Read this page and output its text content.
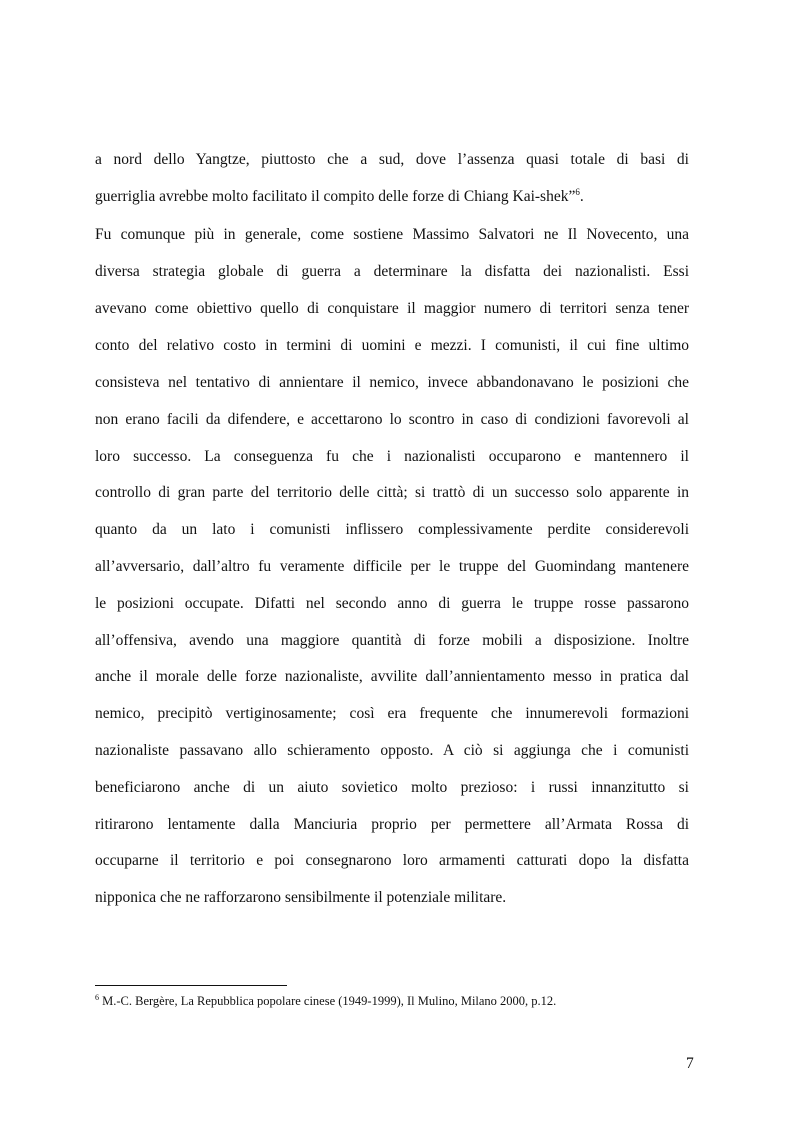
a nord dello Yangtze, piuttosto che a sud, dove l’assenza quasi totale di basi di
guerriglia avrebbe molto facilitato il compito delle forze di Chiang Kai-shek”$^6$.
Fu comunque più in generale, come sostiene Massimo Salvatori ne Il Novecento, una
diversa strategia globale di guerra a determinare la disfatta dei nazionalisti. Essi
avevano come obiettivo quello di conquistare il maggior numero di territori senza tener
conto del relativo costo in termini di uomini e mezzi. I comunisti, il cui fine ultimo
consisteva nel tentativo di annientare il nemico, invece abbandonavano le posizioni che
non erano facili da difendere, e accettarono lo scontro in caso di condizioni favorevoli al
loro successo. La conseguenza fu che i nazionalisti occuparono e mantennero il
controllo di gran parte del territorio delle città; si trattò di un successo solo apparente in
quanto da un lato i comunisti inflissero complessivamente perdite considerevoli
all’avversario, dall’altro fu veramente difficile per le truppe del Guomindang mantenere
le posizioni occupate. Difatti nel secondo anno di guerra le truppe rosse passarono
all’offensiva, avendo una maggiore quantità di forze mobili a disposizione. Inoltre
anche il morale delle forze nazionaliste, avvilite dall’annientamento messo in pratica dal
nemico, precipitò vertiginosamente; così era frequente che innumerevoli formazioni
nazionaliste passavano allo schieramento opposto. A ciò si aggiunga che i comunisti
beneficiarono anche di un aiuto sovietico molto prezioso: i russi innanzitutto si
ritirarono lentamente dalla Manciuria proprio per permettere all’Armata Rossa di
occuparne il territorio e poi consegnarono loro armamenti catturati dopo la disfatta
nipponica che ne rafforzarono sensibilmente il potenziale militare.
$^6$ M.-C. Bergère, La Repubblica popolare cinese (1949-1999), Il Mulino, Milano 2000, p.12.
7
